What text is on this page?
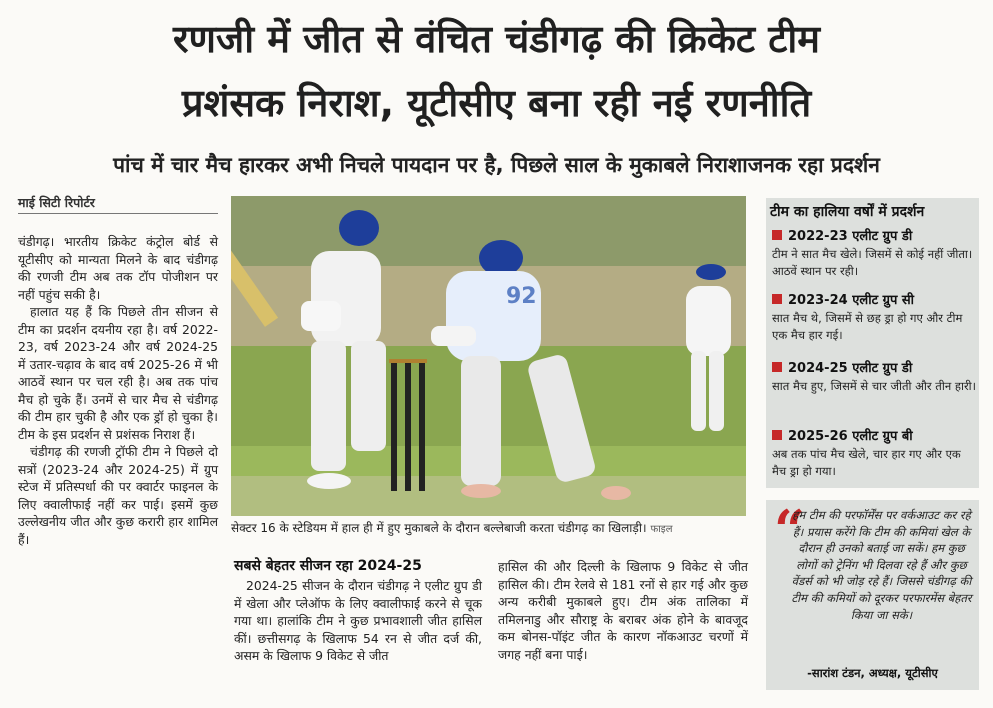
रणजी में जीत से वंचित चंडीगढ़ की क्रिकेट टीम
प्रशंसक निराश, यूटीसीए बना रही नई रणनीति
पांच में चार मैच हारकर अभी निचले पायदान पर है, पिछले साल के मुकाबले निराशाजनक रहा प्रदर्शन
माई सिटी रिपोर्टर

चंडीगढ़। भारतीय क्रिकेट कंट्रोल बोर्ड से यूटीसीए को मान्यता मिलने के बाद चंडीगढ़ की रणजी टीम अब तक टॉप पोजीशन पर नहीं पहुंच सकी है।

हालात यह हैं कि पिछले तीन सीजन से टीम का प्रदर्शन दयनीय रहा है। वर्ष 2022-23, वर्ष 2023-24 और वर्ष 2024-25 में उतार-चढ़ाव के बाद वर्ष 2025-26 में भी आठवें स्थान पर चल रही है। अब तक पांच मैच हो चुके हैं। उनमें से चार मैच से चंडीगढ़ की टीम हार चुकी है और एक ड्रॉ हो चुका है। टीम के इस प्रदर्शन से प्रशंसक निराश हैं।

चंडीगढ़ की रणजी ट्रॉफी टीम ने पिछले दो सत्रों (2023-24 और 2024-25) में ग्रुप स्टेज में प्रतिस्पर्धा की पर क्वार्टर फाइनल के लिए क्वालीफाई नहीं कर पाई। इसमें कुछ उल्लेखनीय जीत और कुछ करारी हार शामिल हैं।

92
सेक्टर 16 के स्टेडियम में हाल ही में हुए मुकाबले के दौरान बल्लेबाजी करता चंडीगढ़ का खिलाड़ी। फाइल
सबसे बेहतर सीजन रहा 2024-25

2024-25 सीजन के दौरान चंडीगढ़ ने एलीट ग्रुप डी में खेला और प्लेऑफ के लिए क्वालीफाई करने से चूक गया था। हालांकि टीम ने कुछ प्रभावशाली जीत हासिल कीं। छत्तीसगढ़ के खिलाफ 54 रन से जीत दर्ज की, असम के खिलाफ 9 विकेट से जीत

हासिल की और दिल्ली के खिलाफ 9 विकेट से जीत हासिल की। टीम रेलवे से 181 रनों से हार गई और कुछ अन्य करीबी मुकाबले हुए। टीम अंक तालिका में तमिलनाडु और सौराष्ट्र के बराबर अंक होने के बावजूद कम बोनस-पॉइंट जीत के कारण नॉकआउट चरणों में जगह नहीं बना पाई।

टीम का हालिया वर्षों में प्रदर्शन
2022-23 एलीट ग्रुप डी
टीम ने सात मैच खेले। जिसमें से कोई नहीं जीता। आठवें स्थान पर रही।
2023-24 एलीट ग्रुप सी
सात मैच थे, जिसमें से छह ड्रा हो गए और टीम एक मैच हार गई।
2024-25 एलीट ग्रुप डी
सात मैच हुए, जिसमें से चार जीती और तीन हारी।
2025-26 एलीट ग्रुप बी
अब तक पांच मैच खेले, चार हार गए और एक मैच ड्रा हो गया।
“
हम टीम की परफॉर्मेंस पर वर्कआउट कर रहे हैं। प्रयास करेंगे कि टीम की कमियां खेल के दौरान ही उनको बताई जा सकें। हम कुछ लोगों को ट्रेनिंग भी दिलवा रहे हैं और कुछ वेंडर्स को भी जोड़ रहे हैं। जिससे चंडीगढ़ की टीम की कमियों को दूरकर परफारमेंस बेहतर किया जा सके।
-सारांश टंडन, अध्यक्ष, यूटीसीए
